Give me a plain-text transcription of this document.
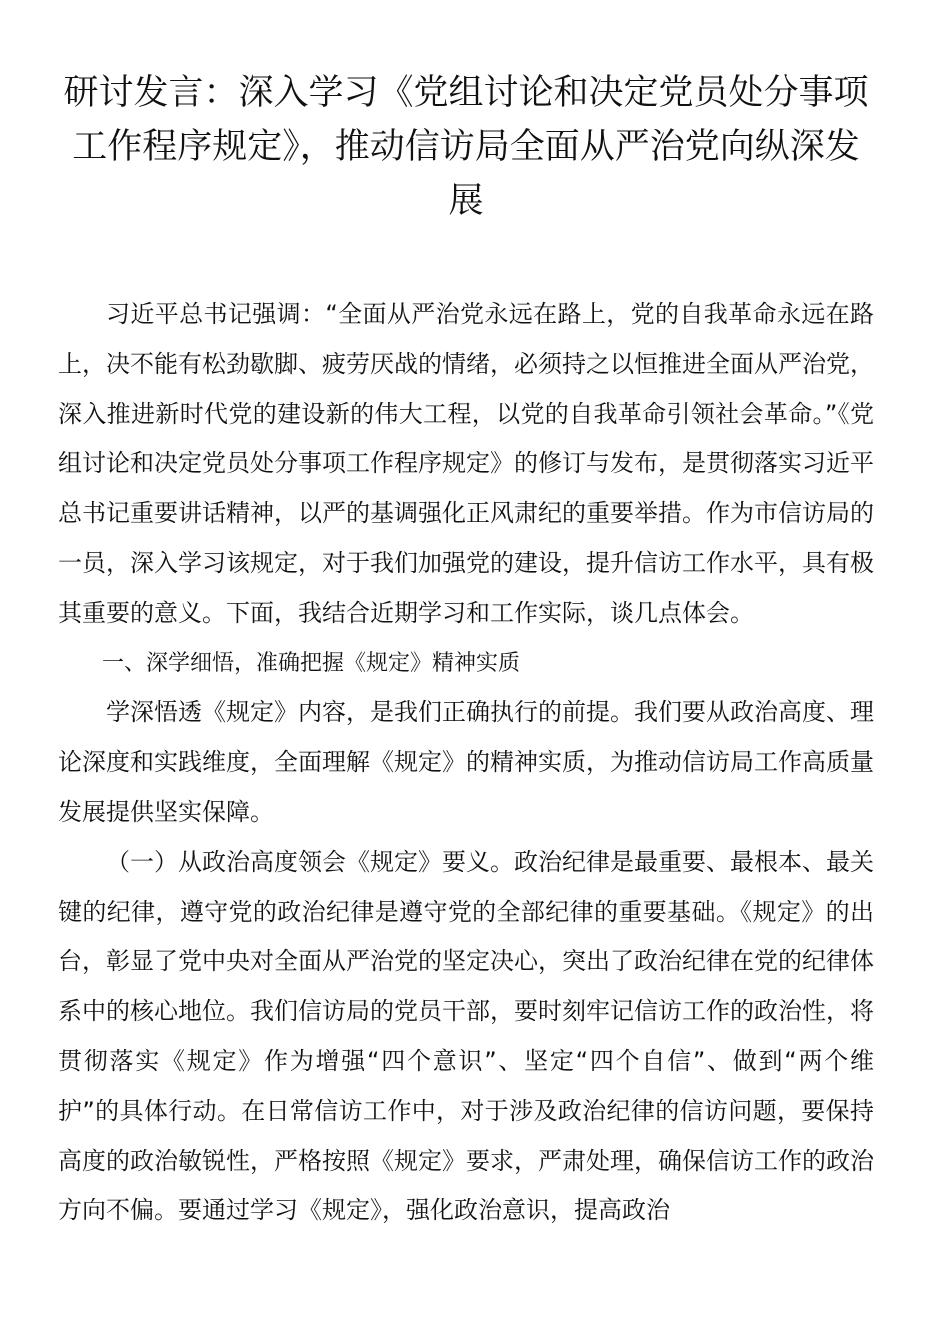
研讨发言：深入学习《党组讨论和决定党员处分事项工作程序规定》，推动信访局全面从严治党向纵深发展

习近平总书记强调：“全面从严治党永远在路上，党的自我革命永远在路上，决不能有松劲歇脚、疲劳厌战的情绪，必须持之以恒推进全面从严治党，深入推进新时代党的建设新的伟大工程，以党的自我革命引领社会革命。”《党组讨论和决定党员处分事项工作程序规定》的修订与发布，是贯彻落实习近平总书记重要讲话精神，以严的基调强化正风肃纪的重要举措。作为市信访局的一员，深入学习该规定，对于我们加强党的建设，提升信访工作水平，具有极其重要的意义。下面，我结合近期学习和工作实际，谈几点体会。

一、深学细悟，准确把握《规定》精神实质

学深悟透《规定》内容，是我们正确执行的前提。我们要从政治高度、理论深度和实践维度，全面理解《规定》的精神实质，为推动信访局工作高质量发展提供坚实保障。

（一）从政治高度领会《规定》要义。政治纪律是最重要、最根本、最关键的纪律，遵守党的政治纪律是遵守党的全部纪律的重要基础。《规定》的出台，彰显了党中央对全面从严治党的坚定决心，突出了政治纪律在党的纪律体系中的核心地位。我们信访局的党员干部，要时刻牢记信访工作的政治性，将贯彻落实《规定》作为增强“四个意识”、坚定“四个自信”、做到“两个维护”的具体行动。在日常信访工作中，对于涉及政治纪律的信访问题，要保持高度的政治敏锐性，严格按照《规定》要求，严肃处理，确保信访工作的政治方向不偏。要通过学习《规定》，强化政治意识，提高政治
